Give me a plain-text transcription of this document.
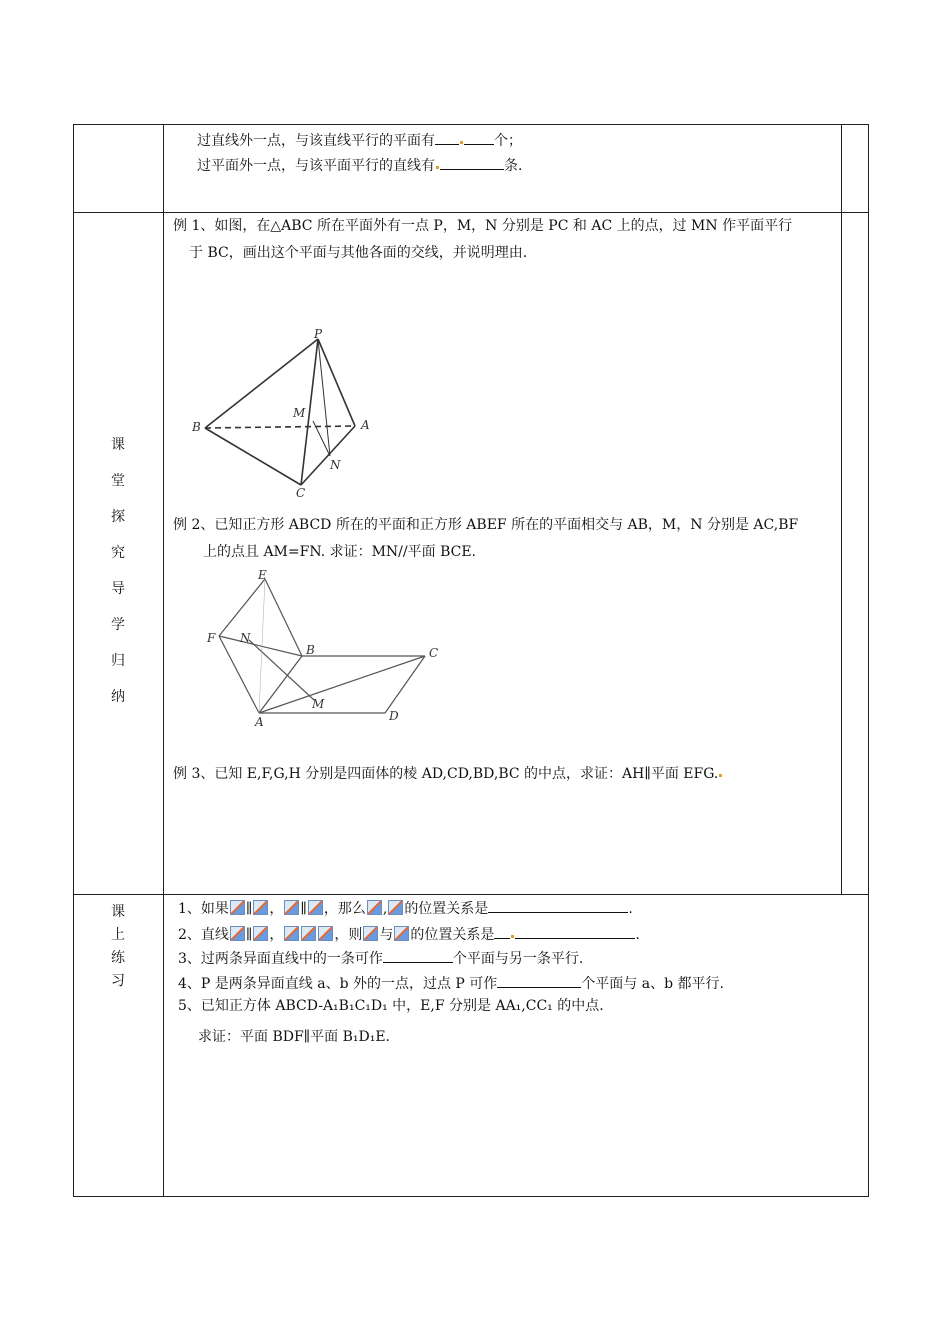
过直线外一点，与该直线平行的平面有	个；
过平面外一点，与该平面平行的直线有	条.
课
堂
探
究
导
学
归
纳
例 1、如图，在△ABC 所在平面外有一点 P，M，N 分别是 PC 和 AC 上的点，过 MN 作平面平行
于 BC，画出这个平面与其他各面的交线，并说明理由.
P
M
B	A
N
C
例 2、已知正方形 ABCD 所在的平面和正方形 ABEF 所在的平面相交与 AB，M，N 分别是 AC,BF
上的点且 AM=FN. 求证：MN//平面 BCE.
E
F N
B	C
A
M
D
例 3、已知 E,F,G,H 分别是四面体的棱 AD,CD,BD,BC 的中点，求证：AH∥平面 EFG.
课
上
练
习
1、如果 ∥ ， ∥ ，那么 , 的位置关系是	.
2、直线 ∥ ，	，则 与 的位置关系是	.
3、过两条异面直线中的一条可作	个平面与另一条平行.
4、P 是两条异面直线 a、b 外的一点，过点 P 可作	个平面与 a、b 都平行.
5、已知正方体 ABCD-A₁B₁C₁D₁ 中，E,F 分别是 AA₁,CC₁ 的中点.
求证：平面 BDF∥平面 B₁D₁E.
